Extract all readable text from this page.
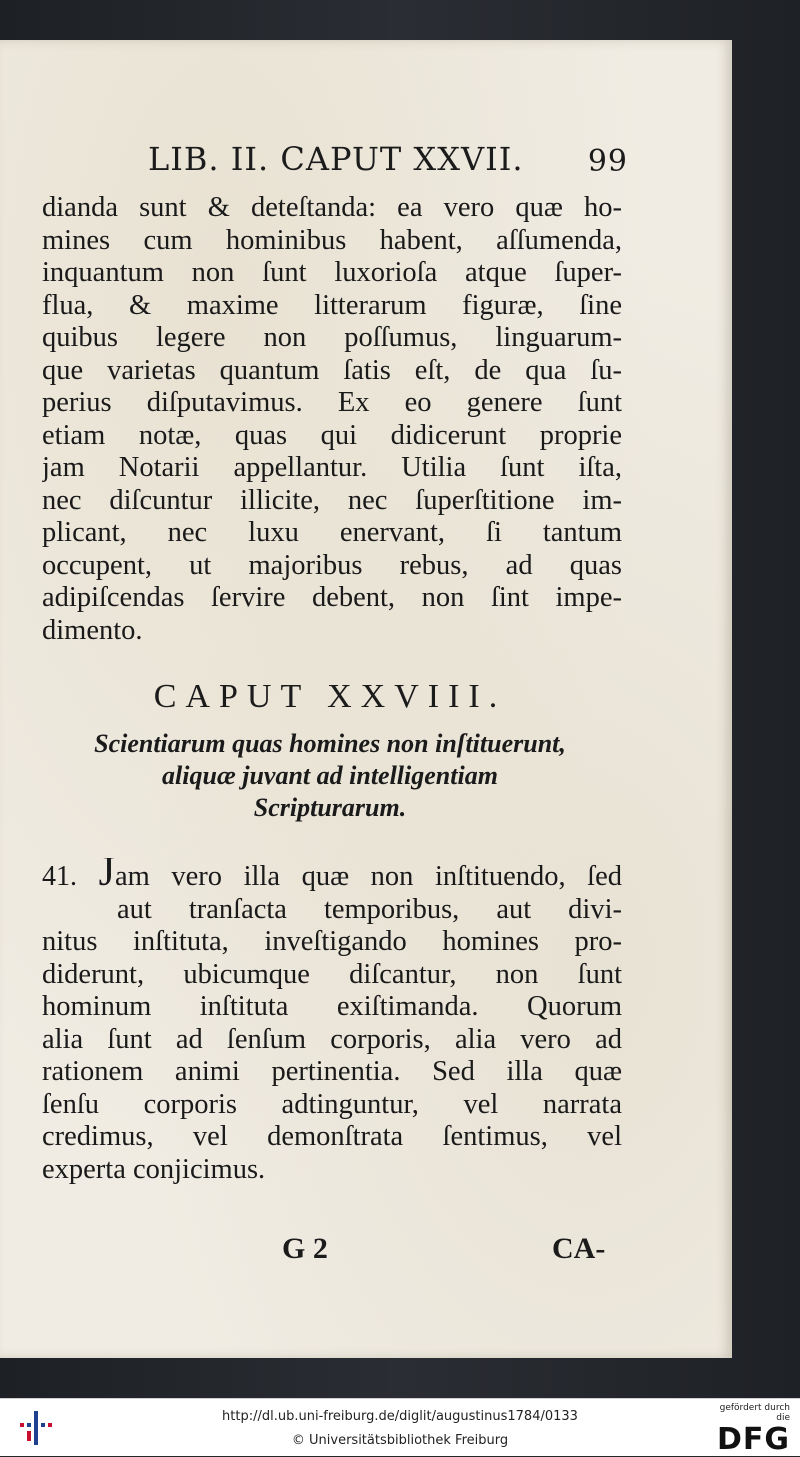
LIB. II. CAPUT XXVII. 99
dianda sunt & deteſtanda: ea vero quæ ho-
mines cum hominibus habent, aſſumenda,
inquantum non ſunt luxorioſa atque ſuper-
flua, & maxime litterarum figuræ, ſine
quibus legere non poſſumus, linguarum-
que varietas quantum ſatis eſt, de qua ſu-
perius diſputavimus. Ex eo genere ſunt
etiam notæ, quas qui didicerunt proprie
jam Notarii appellantur. Utilia ſunt iſta,
nec diſcuntur illicite, nec ſuperſtitione im-
plicant, nec luxu enervant, ſi tantum
occupent, ut majoribus rebus, ad quas
adipiſcendas ſervire debent, non ſint impe-
dimento.
CAPUT XXVIII.
Scientiarum quas homines non inſtituerunt,
aliquæ juvant ad intelligentiam
Scripturarum.
41. Jam vero illa quæ non inſtituendo, ſed
aut tranſacta temporibus, aut divi-
nitus inſtituta, inveſtigando homines pro-
diderunt, ubicumque diſcantur, non ſunt
hominum inſtituta exiſtimanda. Quorum
alia ſunt ad ſenſum corporis, alia vero ad
rationem animi pertinentia. Sed illa quæ
ſenſu corporis adtinguntur, vel narrata
credimus, vel demonſtrata ſentimus, vel
experta conjicimus.
G 2	CA-
http://dl.ub.uni-freiburg.de/diglit/augustinus1784/0133
© Universitätsbibliothek Freiburg
gefördert durch die
DFG
